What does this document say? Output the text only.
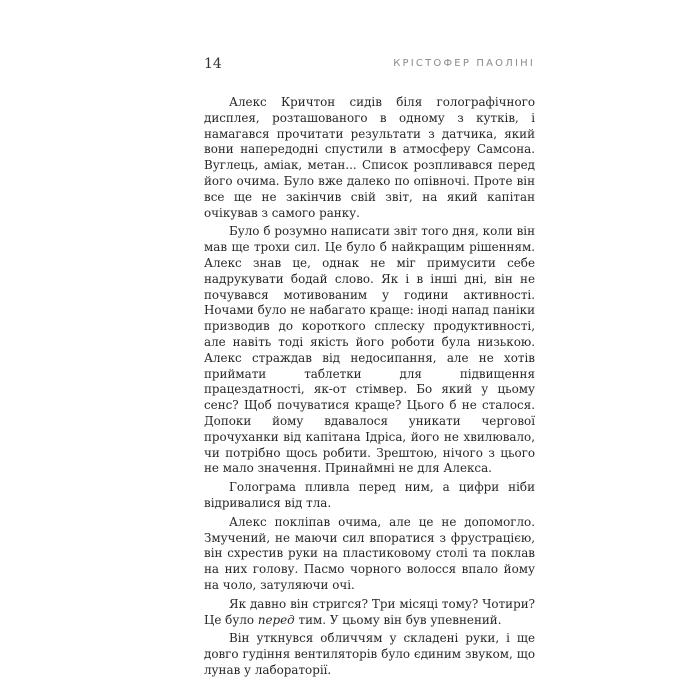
14	КРІСТОФЕР ПАОЛІНІ

Алекс Кричтон сидів біля голографічного дисплея, розташованого в одному з кутків, і намагався прочитати результати з датчика, який вони напередодні спустили в атмосферу Самсона. Вуглець, аміак, метан... Список розпливався перед його очима. Було вже далеко по опівночі. Проте він все ще не закінчив свій звіт, на який капітан очікував з самого ранку.

Було б розумно написати звіт того дня, коли він мав ще трохи сил. Це було б найкращим рішенням. Алекс знав це, однак не міг примусити себе надрукувати бодай слово. Як і в інші дні, він не почувався мотивованим у години активності. Ночами було не набагато краще: іноді напад паніки призводив до короткого сплеску продуктивності, але навіть тоді якість його роботи була низькою. Алекс страждав від недосипання, але не хотів приймати таблетки для підвищення працездатності, як-от стімвер. Бо який у цьому сенс? Щоб почуватися краще? Цього б не сталося. Допоки йому вдавалося уникати чергової прочуханки від капітана Ідріса, його не хвилювало, чи потрібно щось робити. Зрештою, нічого з цього не мало значення. Принаймні не для Алекса.

Голограма пливла перед ним, а цифри ніби відривалися від тла.

Алекс покліпав очима, але це не допомогло. Змучений, не маючи сил впоратися з фрустрацією, він схрестив руки на пластиковому столі та поклав на них голову. Пасмо чорного волосся впало йому на чоло, затуляючи очі.

Як давно він стригся? Три місяці тому? Чотири? Це було перед тим. У цьому він був упевнений.

Він уткнувся обличчям у складені руки, і ще довго гудіння вентиляторів було єдиним звуком, що лунав у лабораторії.
